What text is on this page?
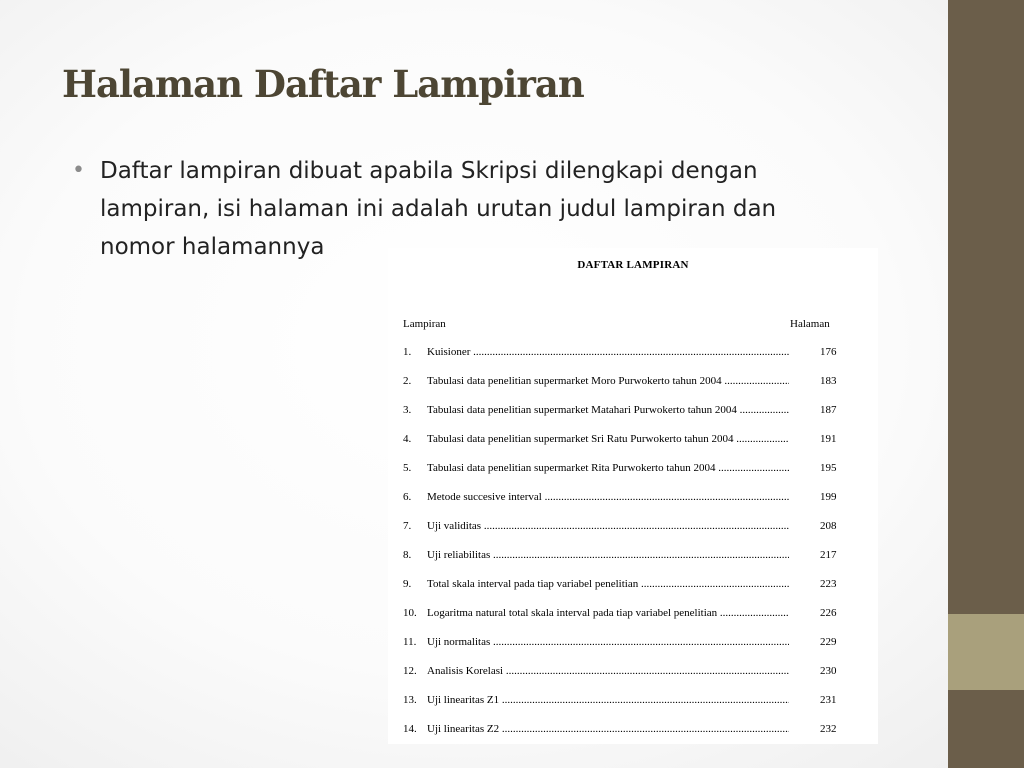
Halaman Daftar Lampiran
• Daftar lampiran dibuat apabila Skripsi dilengkapi dengan lampiran, isi halaman ini adalah urutan judul lampiran dan nomor halamannya
DAFTAR LAMPIRAN
Lampiran	Halaman
1. Kuisioner .....	176
2. Tabulasi data penelitian supermarket Moro Purwokerto tahun 2004 .....	183
3. Tabulasi data penelitian supermarket Matahari Purwokerto tahun 2004 .....	187
4. Tabulasi data penelitian supermarket Sri Ratu Purwokerto tahun 2004 .....	191
5. Tabulasi data penelitian supermarket Rita Purwokerto tahun 2004 .....	195
6. Metode succesive interval .....	199
7. Uji validitas .....	208
8. Uji reliabilitas .....	217
9. Total skala interval pada tiap variabel penelitian .....	223
10. Logaritma natural total skala interval pada tiap variabel penelitian .....	226
11. Uji normalitas .....	229
12. Analisis Korelasi .....	230
13. Uji linearitas Z1 .....	231
14. Uji linearitas Z2 .....	232
